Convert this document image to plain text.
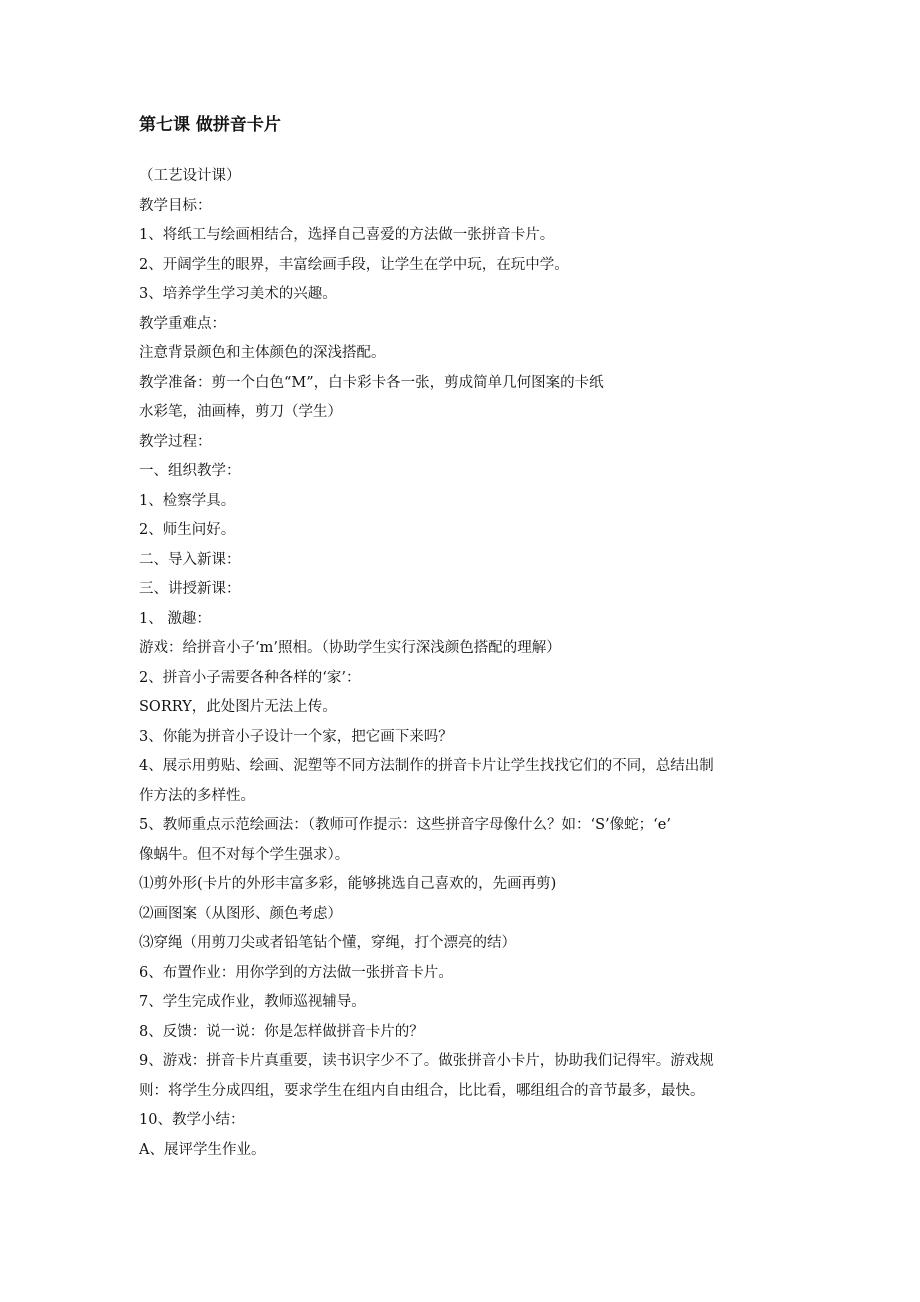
第七课 做拼音卡片

（工艺设计课）

教学目标：

1、将纸工与绘画相结合，选择自己喜爱的方法做一张拼音卡片。

2、开阔学生的眼界，丰富绘画手段，让学生在学中玩，在玩中学。

3、培养学生学习美术的兴趣。

教学重难点：

注意背景颜色和主体颜色的深浅搭配。

教学准备：剪一个白色“M”，白卡彩卡各一张，剪成简单几何图案的卡纸

水彩笔，油画棒，剪刀（学生）

教学过程：

一、组织教学：

1、检察学具。

2、师生问好。

二、导入新课：

三、讲授新课：

1、 激趣：

游戏：给拼音小子‘m’照相。（协助学生实行深浅颜色搭配的理解）

2、拼音小子需要各种各样的‘家’：

SORRY，此处图片无法上传。

3、你能为拼音小子设计一个家，把它画下来吗？

4、展示用剪贴、绘画、泥塑等不同方法制作的拼音卡片让学生找找它们的不同，总结出制

作方法的多样性。

5、教师重点示范绘画法：（教师可作提示：这些拼音字母像什么？如：‘S’像蛇；‘e’

像蜗牛。但不对每个学生强求）。

⑴剪外形(卡片的外形丰富多彩，能够挑选自己喜欢的，先画再剪)

⑵画图案（从图形、颜色考虑）

⑶穿绳（用剪刀尖或者铅笔钻个懂，穿绳，打个漂亮的结）

6、布置作业：用你学到的方法做一张拼音卡片。

7、学生完成作业，教师巡视辅导。

8、反馈：说一说：你是怎样做拼音卡片的？

9、游戏：拼音卡片真重要，读书识字少不了。做张拼音小卡片，协助我们记得牢。游戏规

则：将学生分成四组，要求学生在组内自由组合，比比看，哪组组合的音节最多，最快。

10、教学小结：

A、展评学生作业。
